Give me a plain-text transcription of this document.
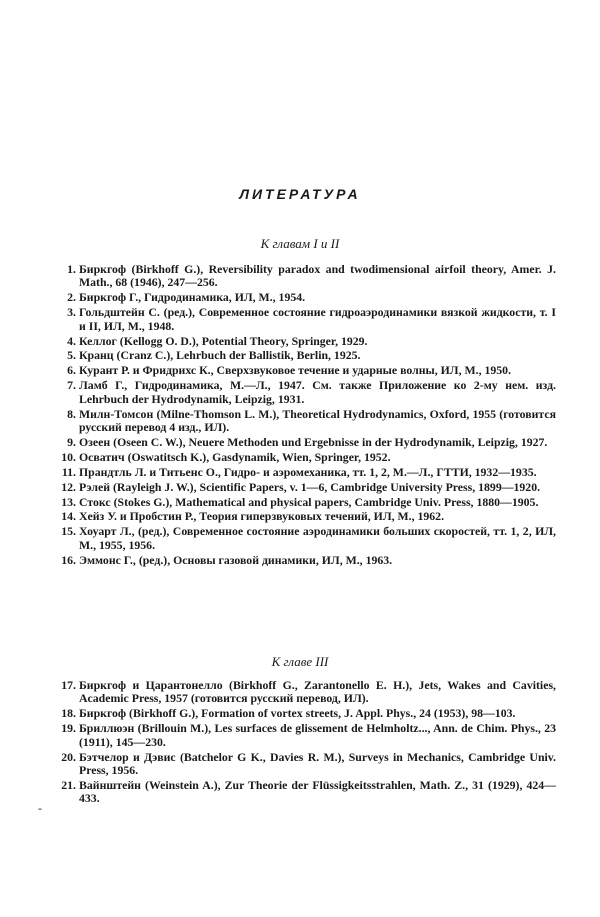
ЛИТЕРАТУРА
К главам I и II
1. Биркгоф (Birkhoff G.), Reversibility paradox and twodimensional airfoil theory, Amer. J. Math., 68 (1946), 247—256.
2. Биркгоф Г., Гидродинамика, ИЛ, М., 1954.
3. Гольдштейн С. (ред.), Современное состояние гидроаэродинамики вязкой жидкости, т. I и II, ИЛ, М., 1948.
4. Келлог (Kellogg O. D.), Potential Theory, Springer, 1929.
5. Кранц (Cranz C.), Lehrbuch der Ballistik, Berlin, 1925.
6. Курант Р. и Фридрихс К., Сверхзвуковое течение и ударные волны, ИЛ, М., 1950.
7. Ламб Г., Гидродинамика, М.—Л., 1947. См. также Приложение ко 2-му нем. изд. Lehrbuch der Hydrodynamik, Leipzig, 1931.
8. Милн-Томсон (Milne-Thomson L. M.), Theoretical Hydrodynamics, Oxford, 1955 (готовится русский перевод 4 изд., ИЛ).
9. Озеен (Oseen C. W.), Neuere Methoden und Ergebnisse in der Hydrodynamik, Leipzig, 1927.
10. Осватич (Oswatitsch K.), Gasdynamik, Wien, Springer, 1952.
11. Прандтль Л. и Титьенс О., Гидро- и аэромеханика, тт. 1, 2, М.—Л., ГТТИ, 1932—1935.
12. Рэлей (Rayleigh J. W.), Scientific Papers, v. 1—6, Cambridge University Press, 1899—1920.
13. Стокс (Stokes G.), Mathematical and physical papers, Cambridge Univ. Press, 1880—1905.
14. Хейз У. и Пробстин Р., Теория гиперзвуковых течений, ИЛ, М., 1962.
15. Хоуарт Л., (ред.), Современное состояние аэродинамики больших скоростей, тт. 1, 2, ИЛ, М., 1955, 1956.
16. Эммонс Г., (ред.), Основы газовой динамики, ИЛ, М., 1963.
К главе III
17. Биркгоф и Царантонелло (Birkhoff G., Zarantonello E. H.), Jets, Wakes and Cavities, Academic Press, 1957 (готовится русский перевод, ИЛ).
18. Биркгоф (Birkhoff G.), Formation of vortex streets, J. Appl. Phys., 24 (1953), 98—103.
19. Бриллюэн (Brillouin M.), Les surfaces de glissement de Helmholtz..., Ann. de Chim. Phys., 23 (1911), 145—230.
20. Бэтчелор и Дэвис (Batchelor G K., Davies R. M.), Surveys in Mechanics, Cambridge Univ. Press, 1956.
21. Вайнштейн (Weinstein A.), Zur Theorie der Flüssigkeitsstrahlen, Math. Z., 31 (1929), 424—433.
-
